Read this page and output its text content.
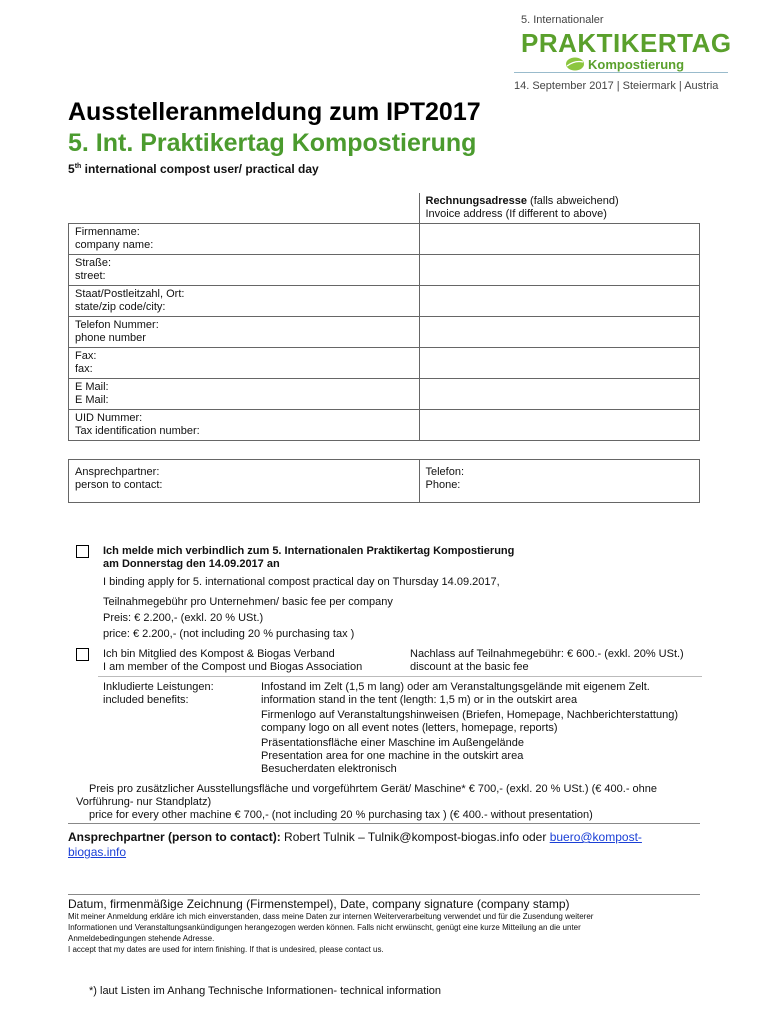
5. Internationaler
PRAKTIKERTAG
Kompostierung
14. September 2017 | Steiermark | Austria
Ausstelleranmeldung zum IPT2017
5. Int. Praktikertag Kompostierung
5th international compost user/ practical day
	Rechnungsadresse (falls abweichend)
Invoice address (If different to above)
Firmenname:
company name:	
Straße:
street:	
Staat/Postleitzahl, Ort:
state/zip code/city:	
Telefon Nummer:
phone number	
Fax:
fax:	
E Mail:
E Mail:	
UID Nummer:
Tax identification number:	

Ansprechpartner:
person to contact:	Telefon:
Phone:
Ich melde mich verbindlich zum 5. Internationalen Praktikertag Kompostierung
am Donnerstag den 14.09.2017 an
I binding apply for 5. international compost practical day on Thursday 14.09.2017,
Teilnahmegebühr pro Unternehmen/ basic fee per company
Preis: € 2.200,- (exkl. 20 % USt.)
price: € 2.200,- (not including 20 % purchasing tax )
Ich bin Mitglied des Kompost & Biogas Verband
I am member of the Compost und Biogas Association
Nachlass auf Teilnahmegebühr: € 600.- (exkl. 20% USt.)
discount at the basic fee
Inkludierte Leistungen:
included benefits:
Infostand im Zelt (1,5 m lang) oder am Veranstaltungsgelände mit eigenem Zelt.
information stand in the tent (length: 1,5 m) or in the outskirt area
Firmenlogo auf Veranstaltungshinweisen (Briefen, Homepage, Nachberichterstattung)
company logo on all event notes (letters, homepage, reports)
Präsentationsfläche einer Maschine im Außengelände
Presentation area for one machine in the outskirt area
Besucherdaten elektronisch
Preis pro zusätzlicher Ausstellungsfläche und vorgeführtem Gerät/ Maschine* € 700,- (exkl. 20 % USt.) (€ 400.- ohne
Vorführung- nur Standplatz)
price for every other machine € 700,- (not including 20 % purchasing tax ) (€ 400.- without presentation)
Ansprechpartner (person to contact): Robert Tulnik – Tulnik@kompost-biogas.info oder buero@kompost-
biogas.info
Datum, firmenmäßige Zeichnung (Firmenstempel), Date, company signature (company stamp)
Mit meiner Anmeldung erkläre ich mich einverstanden, dass meine Daten zur internen Weiterverarbeitung verwendet und für die Zusendung weiterer
Informationen und Veranstaltungsankündigungen herangezogen werden können. Falls nicht erwünscht, genügt eine kurze Mitteilung an die unter
Anmeldebedingungen stehende Adresse.
I accept that my dates are used for intern finishing. If that is undesired, please contact us.
*) laut Listen im Anhang Technische Informationen- technical information
